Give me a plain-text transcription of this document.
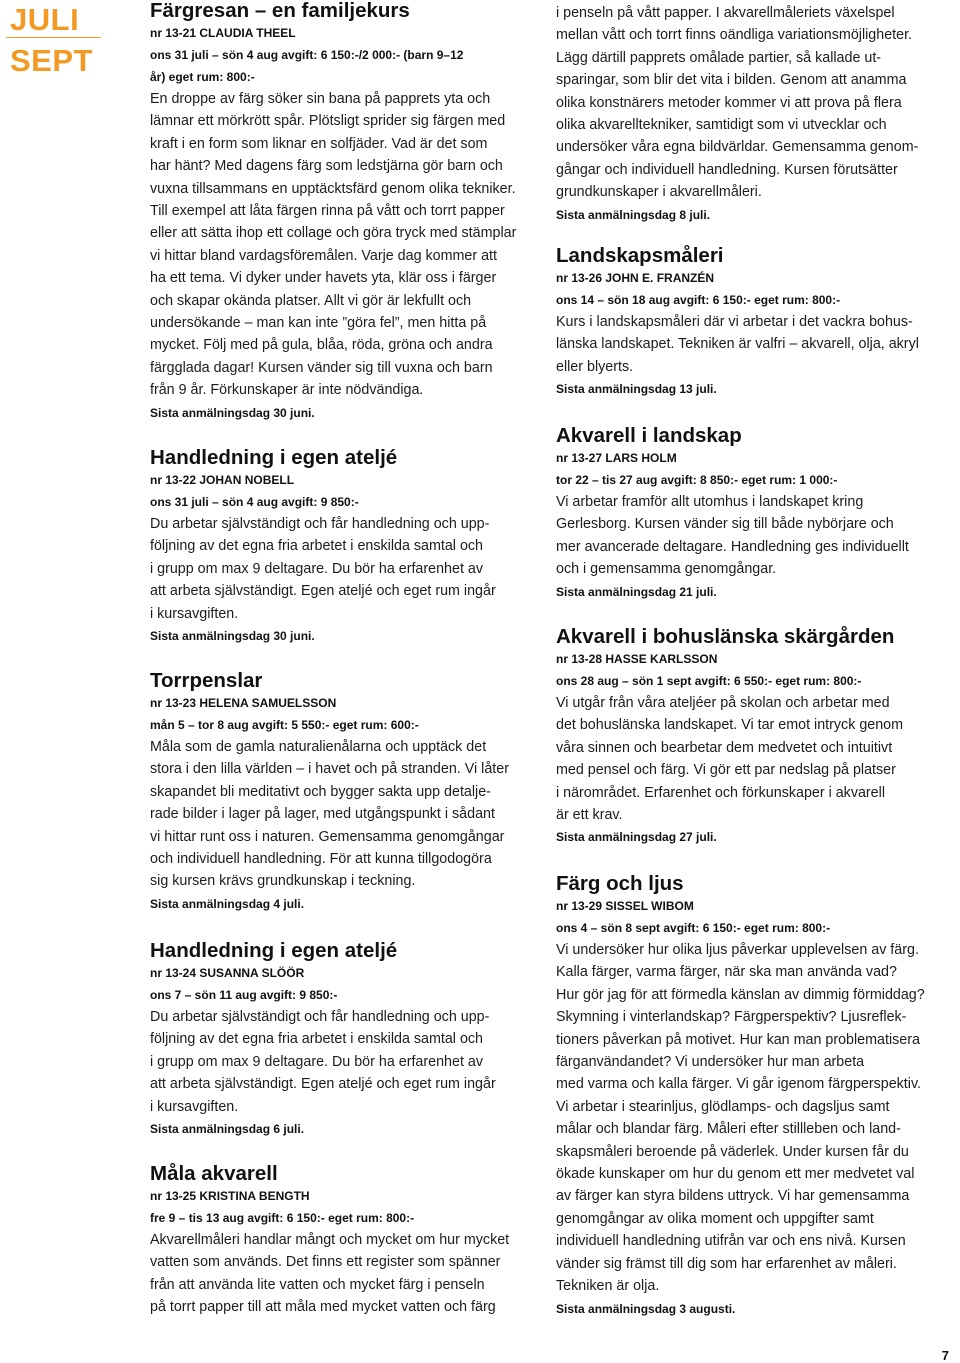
JULI
SEPT
Färgresan – en familjekurs
nr 13-21 CLAUDIA THEEL
ons 31 juli – sön 4 aug avgift: 6 150:-/2 000:- (barn 9–12
år) eget rum: 800:-

En droppe av färg söker sin bana på papprets yta och
lämnar ett mörkrött spår. Plötsligt sprider sig färgen med
kraft i en form som liknar en solfjäder. Vad är det som
har hänt? Med dagens färg som ledstjärna gör barn och
vuxna tillsammans en upptäcktsfärd genom olika tekniker.
Till exempel att låta färgen rinna på vått och torrt papper
eller att sätta ihop ett collage och göra tryck med stämplar
vi hittar bland vardagsföremålen. Varje dag kommer att
ha ett tema. Vi dyker under havets yta, klär oss i färger
och skapar okända platser. Allt vi gör är lekfullt och
undersökande – man kan inte ”göra fel”, men hitta på
mycket. Följ med på gula, blåa, röda, gröna och andra
färgglada dagar! Kursen vänder sig till vuxna och barn
från 9 år. Förkunskaper är inte nödvändiga.

Sista anmälningsdag 30 juni.
Handledning i egen ateljé
nr 13-22 JOHAN NOBELL
ons 31 juli – sön 4 aug avgift: 9 850:-

Du arbetar självständigt och får handledning och upp-
följning av det egna fria arbetet i enskilda samtal och
i grupp om max 9 deltagare. Du bör ha erfarenhet av
att arbeta självständigt. Egen ateljé och eget rum ingår
i kursavgiften.

Sista anmälningsdag 30 juni.
Torrpenslar
nr 13-23 HELENA SAMUELSSON
mån 5 – tor 8 aug avgift: 5 550:- eget rum: 600:-

Måla som de gamla naturalienålarna och upptäck det
stora i den lilla världen – i havet och på stranden. Vi låter
skapandet bli meditativt och bygger sakta upp detalje-
rade bilder i lager på lager, med utgångspunkt i sådant
vi hittar runt oss i naturen. Gemensamma genomgångar
och individuell handledning. För att kunna tillgodogöra
sig kursen krävs grundkunskap i teckning.

Sista anmälningsdag 4 juli.
Handledning i egen ateljé
nr 13-24 SUSANNA SLÖÖR
ons 7 – sön 11 aug avgift: 9 850:-

Du arbetar självständigt och får handledning och upp-
följning av det egna fria arbetet i enskilda samtal och
i grupp om max 9 deltagare. Du bör ha erfarenhet av
att arbeta självständigt. Egen ateljé och eget rum ingår
i kursavgiften.

Sista anmälningsdag 6 juli.
Måla akvarell
nr 13-25 KRISTINA BENGTH
fre 9 – tis 13 aug avgift: 6 150:- eget rum: 800:-

Akvarellmåleri handlar mångt och mycket om hur mycket
vatten som används. Det finns ett register som spänner
från att använda lite vatten och mycket färg i penseln
på torrt papper till att måla med mycket vatten och färg

i penseln på vått papper. I akvarellmåleriets växelspel
mellan vått och torrt finns oändliga variationsmöjligheter.
Lägg därtill papprets omålade partier, så kallade ut-
sparingar, som blir det vita i bilden. Genom att anamma
olika konstnärers metoder kommer vi att prova på flera
olika akvarelltekniker, samtidigt som vi utvecklar och
undersöker våra egna bildvärldar. Gemensamma genom-
gångar och individuell handledning. Kursen förutsätter
grundkunskaper i akvarellmåleri.

Sista anmälningsdag 8 juli.
Landskapsmåleri
nr 13-26 JOHN E. FRANZÉN
ons 14 – sön 18 aug avgift: 6 150:- eget rum: 800:-

Kurs i landskapsmåleri där vi arbetar i det vackra bohus-
länska landskapet. Tekniken är valfri – akvarell, olja, akryl
eller blyerts.

Sista anmälningsdag 13 juli.
Akvarell i landskap
nr 13-27 LARS HOLM
tor 22 – tis 27 aug avgift: 8 850:- eget rum: 1 000:-

Vi arbetar framför allt utomhus i landskapet kring
Gerlesborg. Kursen vänder sig till både nybörjare och
mer avancerade deltagare. Handledning ges individuellt
och i gemensamma genomgångar.

Sista anmälningsdag 21 juli.
Akvarell i bohuslänska skärgården
nr 13-28 HASSE KARLSSON
ons 28 aug – sön 1 sept avgift: 6 550:- eget rum: 800:-

Vi utgår från våra ateljéer på skolan och arbetar med
det bohuslänska landskapet. Vi tar emot intryck genom
våra sinnen och bearbetar dem medvetet och intuitivt
med pensel och färg. Vi gör ett par nedslag på platser
i närområdet. Erfarenhet och förkunskaper i akvarell
är ett krav.

Sista anmälningsdag 27 juli.
Färg och ljus
nr 13-29 SISSEL WIBOM
ons 4 – sön 8 sept avgift: 6 150:- eget rum: 800:-

Vi undersöker hur olika ljus påverkar upplevelsen av färg.
Kalla färger, varma färger, när ska man använda vad?
Hur gör jag för att förmedla känslan av dimmig förmiddag?
Skymning i vinterlandskap? Färgperspektiv? Ljusreflek-
tioners påverkan på motivet. Hur kan man problematisera
färganvändandet? Vi undersöker hur man arbeta
med varma och kalla färger. Vi går igenom färgperspektiv.
Vi arbetar i stearinljus, glödlamps- och dagsljus samt
målar och blandar färg. Måleri efter stillleben och land-
skapsmåleri beroende på väderlek. Under kursen får du
ökade kunskaper om hur du genom ett mer medvetet val
av färger kan styra bildens uttryck. Vi har gemensamma
genomgångar av olika moment och uppgifter samt
individuell handledning utifrån var och ens nivå. Kursen
vänder sig främst till dig som har erfarenhet av måleri.
Tekniken är olja.

Sista anmälningsdag 3 augusti.
7
